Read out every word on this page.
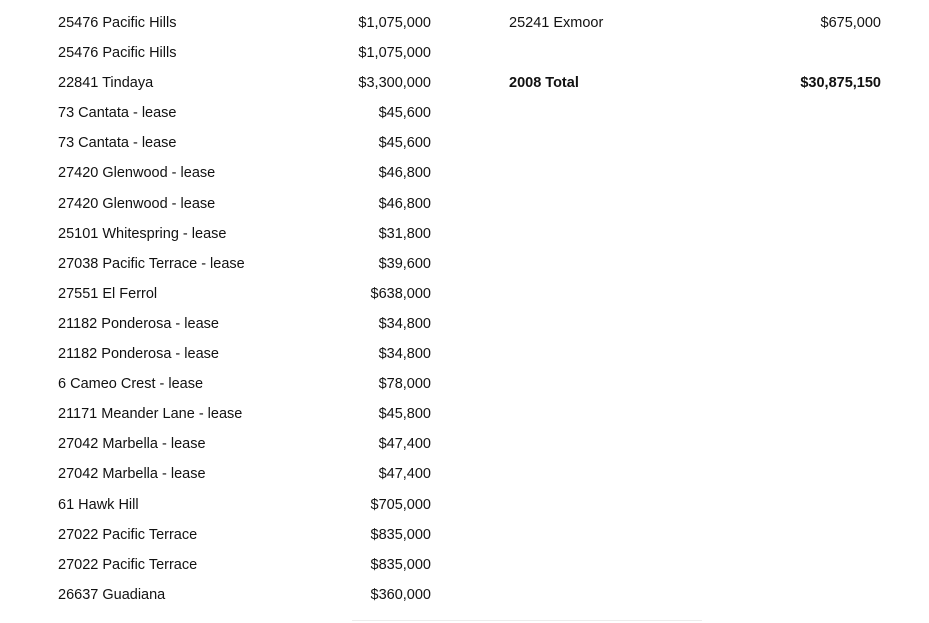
25476 Pacific Hills	$1,075,000
25476 Pacific Hills	$1,075,000
22841 Tindaya	$3,300,000
73 Cantata - lease	$45,600
73 Cantata - lease	$45,600
27420 Glenwood - lease	$46,800
27420 Glenwood - lease	$46,800
25101 Whitespring - lease	$31,800
27038 Pacific Terrace - lease	$39,600
27551 El Ferrol	$638,000
21182 Ponderosa - lease	$34,800
21182 Ponderosa - lease	$34,800
6 Cameo Crest - lease	$78,000
21171 Meander Lane - lease	$45,800
27042 Marbella - lease	$47,400
27042 Marbella - lease	$47,400
61 Hawk Hill	$705,000
27022 Pacific Terrace	$835,000
27022 Pacific Terrace	$835,000
26637 Guadiana	$360,000
25241 Exmoor	$675,000
2008 Total	$30,875,150
